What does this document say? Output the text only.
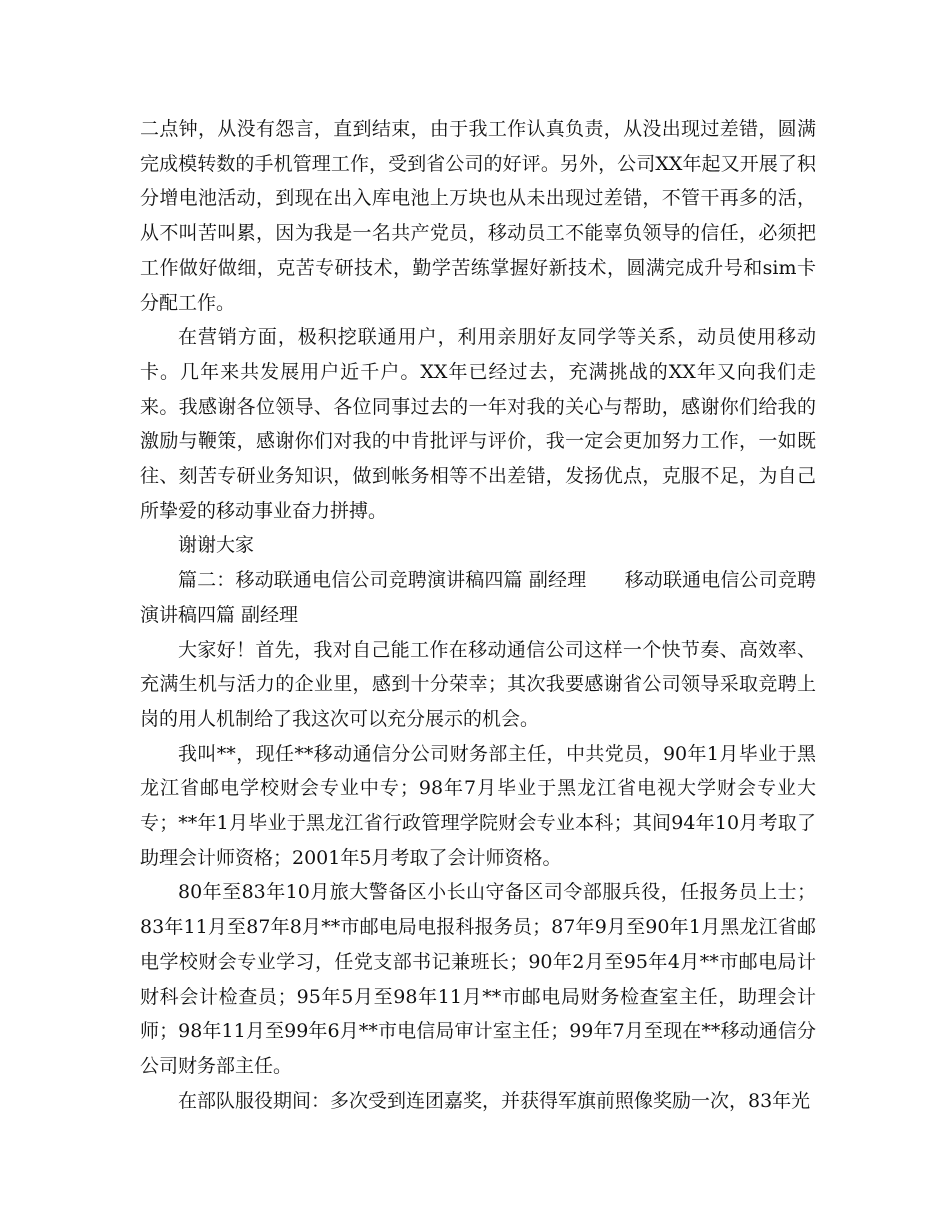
二点钟，从没有怨言，直到结束，由于我工作认真负责，从没出现过差错，圆满完成模转数的手机管理工作，受到省公司的好评。另外，公司XX年起又开展了积分增电池活动，到现在出入库电池上万块也从未出现过差错，不管干再多的活，从不叫苦叫累，因为我是一名共产党员，移动员工不能辜负领导的信任，必须把工作做好做细，克苦专研技术，勤学苦练掌握好新技术，圆满完成升号和sim卡分配工作。

在营销方面，极积挖联通用户，利用亲朋好友同学等关系，动员使用移动卡。几年来共发展用户近千户。XX年已经过去，充满挑战的XX年又向我们走来。我感谢各位领导、各位同事过去的一年对我的关心与帮助，感谢你们给我的激励与鞭策，感谢你们对我的中肯批评与评价，我一定会更加努力工作，一如既往、刻苦专研业务知识，做到帐务相等不出差错，发扬优点，克服不足，为自己所挚爱的移动事业奋力拼搏。

谢谢大家

篇二：移动联通电信公司竞聘演讲稿四篇 副经理　　移动联通电信公司竞聘演讲稿四篇 副经理

大家好！首先，我对自己能工作在移动通信公司这样一个快节奏、高效率、充满生机与活力的企业里，感到十分荣幸；其次我要感谢省公司领导采取竞聘上岗的用人机制给了我这次可以充分展示的机会。

我叫**，现任**移动通信分公司财务部主任，中共党员，90年1月毕业于黑龙江省邮电学校财会专业中专；98年7月毕业于黑龙江省电视大学财会专业大专；**年1月毕业于黑龙江省行政管理学院财会专业本科；其间94年10月考取了助理会计师资格；2001年5月考取了会计师资格。

80年至83年10月旅大警备区小长山守备区司令部服兵役，任报务员上士；83年11月至87年8月**市邮电局电报科报务员；87年9月至90年1月黑龙江省邮电学校财会专业学习，任党支部书记兼班长；90年2月至95年4月**市邮电局计财科会计检查员；95年5月至98年11月**市邮电局财务检查室主任，助理会计师；98年11月至99年6月**市电信局审计室主任；99年7月至现在**移动通信分公司财务部主任。

在部队服役期间：多次受到连团嘉奖，并获得军旗前照像奖励一次，83年光
